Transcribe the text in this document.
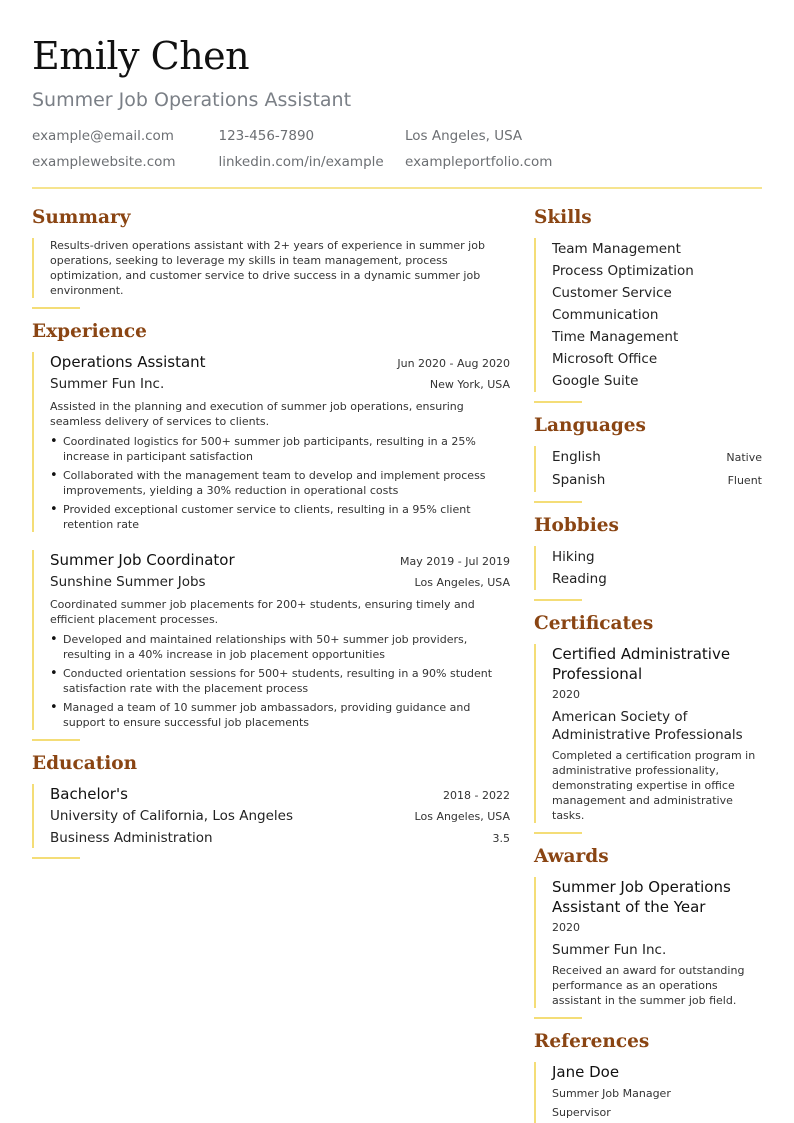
Emily Chen
Summer Job Operations Assistant
example@email.com	123-456-7890	Los Angeles, USA
examplewebsite.com	linkedin.com/in/example	exampleportfolio.com
Summary

Results-driven operations assistant with 2+ years of experience in summer job operations, seeking to leverage my skills in team management, process optimization, and customer service to drive success in a dynamic summer job environment.

Experience
Operations Assistant	Jun 2020 - Aug 2020
Summer Fun Inc.	New York, USA

Assisted in the planning and execution of summer job operations, ensuring seamless delivery of services to clients.

• Coordinated logistics for 500+ summer job participants, resulting in a 25% increase in participant satisfaction
• Collaborated with the management team to develop and implement process improvements, yielding a 30% reduction in operational costs
• Provided exceptional customer service to clients, resulting in a 95% client retention rate
Summer Job Coordinator	May 2019 - Jul 2019
Sunshine Summer Jobs	Los Angeles, USA

Coordinated summer job placements for 200+ students, ensuring timely and efficient placement processes.

• Developed and maintained relationships with 50+ summer job providers, resulting in a 40% increase in job placement opportunities
• Conducted orientation sessions for 500+ students, resulting in a 90% student satisfaction rate with the placement process
• Managed a team of 10 summer job ambassadors, providing guidance and support to ensure successful job placements
Education
Bachelor's	2018 - 2022
University of California, Los Angeles	Los Angeles, USA
Business Administration	3.5
Skills
Team Management
Process Optimization
Customer Service
Communication
Time Management
Microsoft Office
Google Suite
Languages
English	Native
Spanish	Fluent
Hobbies
Hiking
Reading
Certificates
Certified Administrative Professional
2020
American Society of Administrative Professionals

Completed a certification program in administrative professionality, demonstrating expertise in office management and administrative tasks.

Awards
Summer Job Operations Assistant of the Year
2020
Summer Fun Inc.

Received an award for outstanding performance as an operations assistant in the summer job field.

References
Jane Doe
Summer Job Manager
Supervisor
